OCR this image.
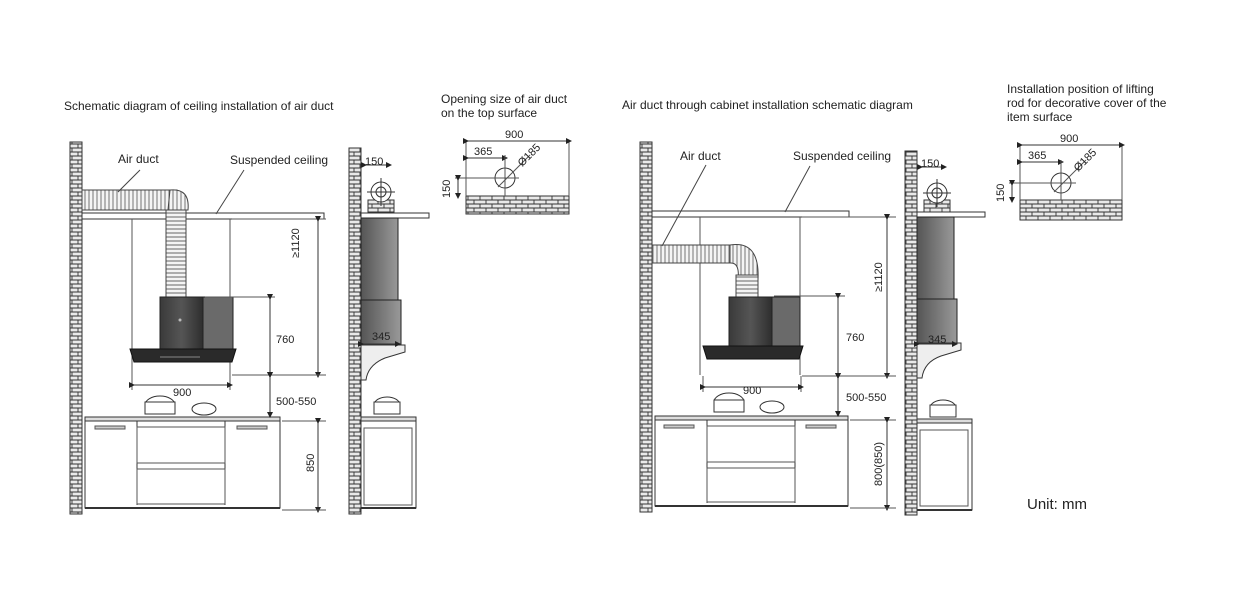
Schematic diagram of ceiling installation of air duct
Air duct	Suspended ceiling
Opening size of air duct
on the top surface
Air duct through cabinet installation schematic diagram
Air duct	Suspended ceiling
Installation position of lifting
rod for decorative cover of the
item surface
Unit: mm
≥1120
760
900
500-550
850
150
345
900
365
150
Ø185
≥1120
760
900
500-550
800(850)
150
345
900
365
150
Ø185
